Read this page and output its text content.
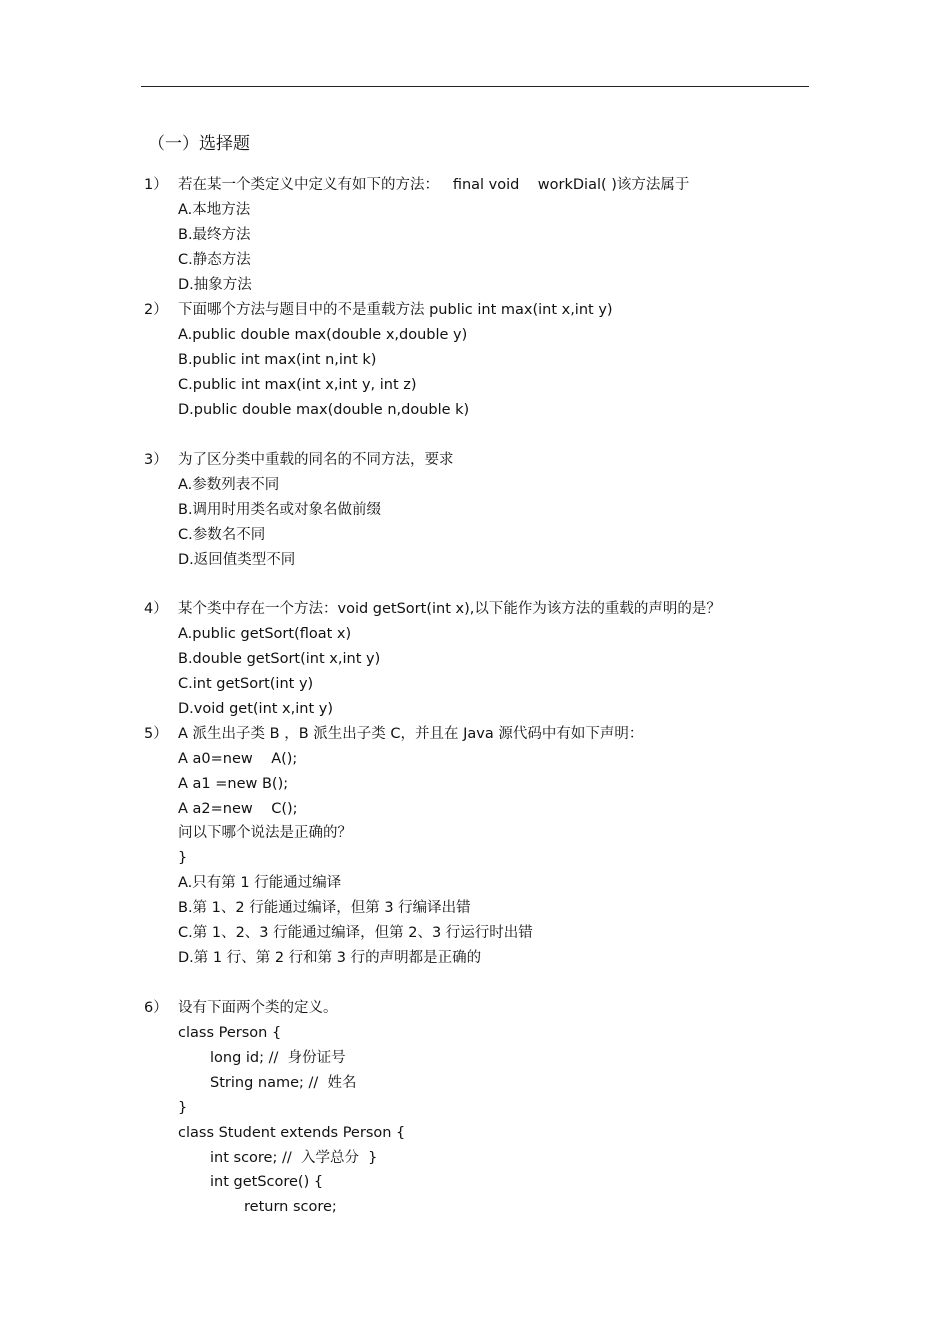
（一）选择题
1） 若在某一个类定义中定义有如下的方法：   final void    workDial( )该方法属于
A.本地方法
B.最终方法
C.静态方法
D.抽象方法
2） 下面哪个方法与题目中的不是重载方法 public int max(int x,int y)
A.public double max(double x,double y)
B.public int max(int n,int k)
C.public int max(int x,int y, int z)
D.public double max(double n,double k)
3） 为了区分类中重载的同名的不同方法，要求
A.参数列表不同
B.调用时用类名或对象名做前缀
C.参数名不同
D.返回值类型不同
4） 某个类中存在一个方法：void getSort(int x),以下能作为该方法的重载的声明的是？
A.public getSort(float x)
B.double getSort(int x,int y)
C.int getSort(int y)
D.void get(int x,int y)
5） A 派生出子类 B ，B 派生出子类 C，并且在 Java 源代码中有如下声明：
A a0=new    A();
A a1 =new B();
A a2=new    C();
问以下哪个说法是正确的？
}
A.只有第 1 行能通过编译
B.第 1、2 行能通过编译，但第 3 行编译出错
C.第 1、2、3 行能通过编译，但第 2、3 行运行时出错
D.第 1 行、第 2 行和第 3 行的声明都是正确的
6） 设有下面两个类的定义。
class Person {
long id; //  身份证号
String name; //  姓名
}
class Student extends Person {
int score; //  入学总分  }
int getScore() {
return score;
